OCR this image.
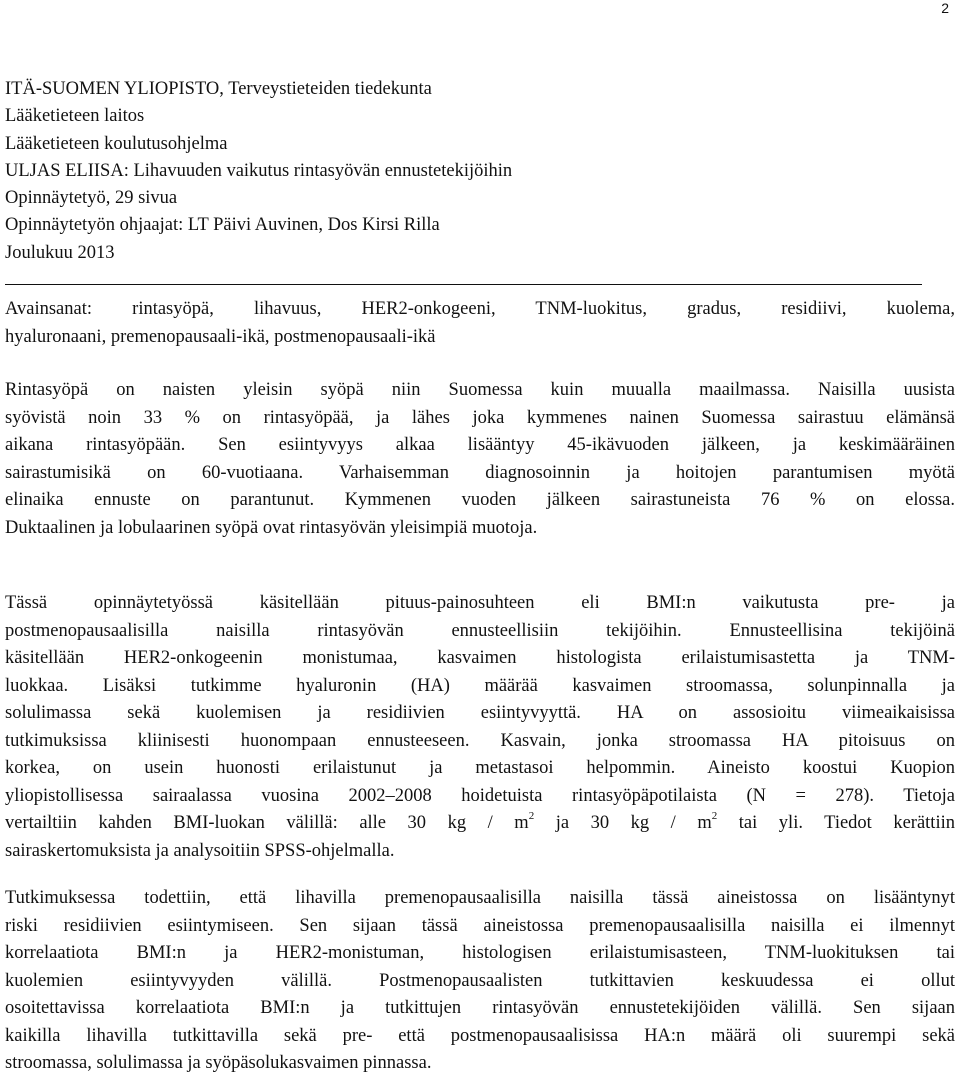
2
ITÄ-SUOMEN YLIOPISTO, Terveystieteiden tiedekunta
Lääketieteen laitos
Lääketieteen koulutusohjelma
ULJAS ELIISA: Lihavuuden vaikutus rintasyövän ennustetekijöihin
Opinnäytetyö, 29 sivua
Opinnäytetyön ohjaajat: LT Päivi Auvinen, Dos Kirsi Rilla
Joulukuu 2013
Avainsanat: rintasyöpä, lihavuus, HER2-onkogeeni, TNM-luokitus, gradus, residiivi, kuolema,
hyaluronaani, premenopausaali-ikä, postmenopausaali-ikä
Rintasyöpä on naisten yleisin syöpä niin Suomessa kuin muualla maailmassa. Naisilla uusista
syövistä noin 33 % on rintasyöpää, ja lähes joka kymmenes nainen Suomessa sairastuu elämänsä
aikana rintasyöpään. Sen esiintyvyys alkaa lisääntyy 45-ikävuoden jälkeen, ja keskimääräinen
sairastumisikä on 60-vuotiaana. Varhaisemman diagnosoinnin ja hoitojen parantumisen myötä
elinaika ennuste on parantunut. Kymmenen vuoden jälkeen sairastuneista 76 % on elossa.
Duktaalinen ja lobulaarinen syöpä ovat rintasyövän yleisimpiä muotoja.
Tässä opinnäytetyössä käsitellään pituus-painosuhteen eli BMI:n vaikutusta pre- ja
postmenopausaalisilla naisilla rintasyövän ennusteellisiin tekijöihin. Ennusteellisina tekijöinä
käsitellään HER2-onkogeenin monistumaa, kasvaimen histologista erilaistumisastetta ja TNM-
luokkaa. Lisäksi tutkimme hyaluronin (HA) määrää kasvaimen stroomassa, solunpinnalla ja
solulimassa sekä kuolemisen ja residiivien esiintyvyyttä. HA on assosioitu viimeaikaisissa
tutkimuksissa kliinisesti huonompaan ennusteeseen. Kasvain, jonka stroomassa HA pitoisuus on
korkea, on usein huonosti erilaistunut ja metastasoi helpommin. Aineisto koostui Kuopion
yliopistollisessa sairaalassa vuosina 2002–2008 hoidetuista rintasyöpäpotilaista (N = 278). Tietoja
vertailtiin kahden BMI-luokan välillä: alle 30 kg / $m^2$ ja 30 kg / $m^2$ tai yli. Tiedot kerättiin
sairaskertomuksista ja analysoitiin SPSS-ohjelmalla.
Tutkimuksessa todettiin, että lihavilla premenopausaalisilla naisilla tässä aineistossa on lisääntynyt
riski residiivien esiintymiseen. Sen sijaan tässä aineistossa premenopausaalisilla naisilla ei ilmennyt
korrelaatiota BMI:n ja HER2-monistuman, histologisen erilaistumisasteen, TNM-luokituksen tai
kuolemien esiintyvyyden välillä. Postmenopausaalisten tutkittavien keskuudessa ei ollut
osoitettavissa korrelaatiota BMI:n ja tutkittujen rintasyövän ennustetekijöiden välillä. Sen sijaan
kaikilla lihavilla tutkittavilla sekä pre- että postmenopausaalisissa HA:n määrä oli suurempi sekä
stroomassa, solulimassa ja syöpäsolukasvaimen pinnassa.
